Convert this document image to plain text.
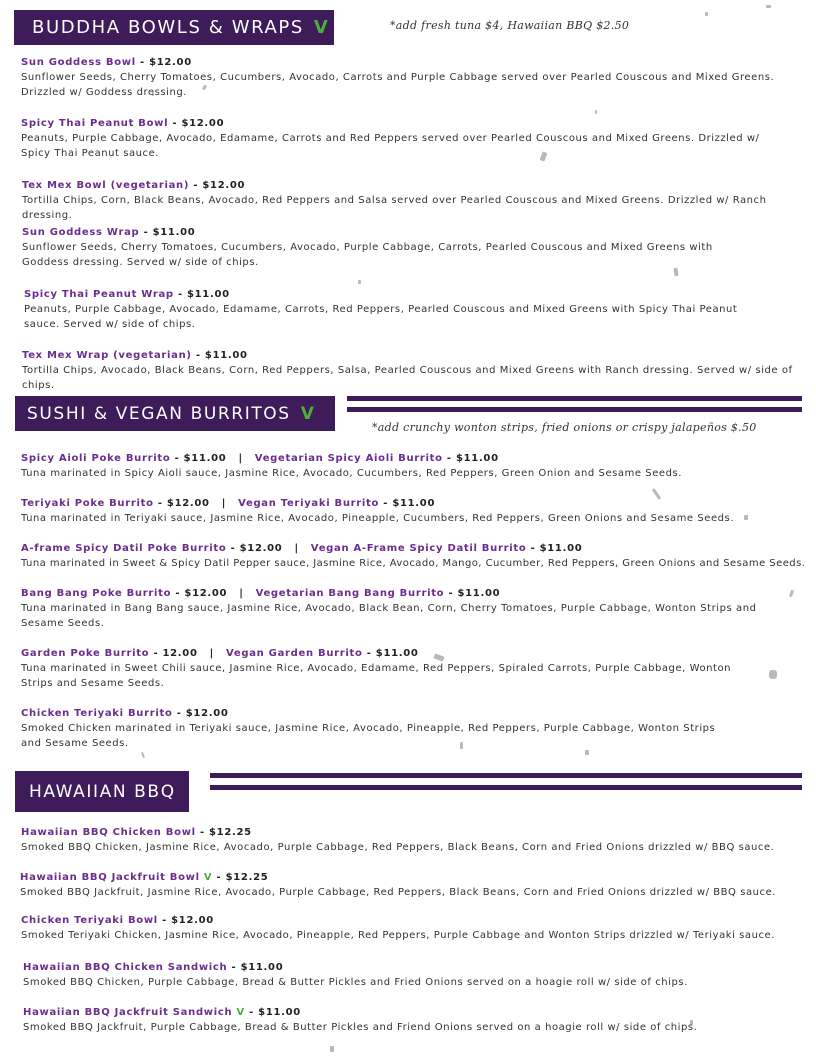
BUDDHA BOWLS & WRAPS V	*add fresh tuna $4, Hawaiian BBQ $2.50
Sun Goddess Bowl - $12.00
Sunflower Seeds, Cherry Tomatoes, Cucumbers, Avocado, Carrots and Purple Cabbage served over Pearled Couscous and Mixed Greens. Drizzled w/ Goddess dressing.
Spicy Thai Peanut Bowl - $12.00
Peanuts, Purple Cabbage, Avocado, Edamame, Carrots and Red Peppers served over Pearled Couscous and Mixed Greens. Drizzled w/ Spicy Thai Peanut sauce.
Tex Mex Bowl (vegetarian) - $12.00
Tortilla Chips, Corn, Black Beans, Avocado, Red Peppers and Salsa served over Pearled Couscous and Mixed Greens. Drizzled w/ Ranch dressing.
Sun Goddess Wrap - $11.00
Sunflower Seeds, Cherry Tomatoes, Cucumbers, Avocado, Purple Cabbage, Carrots, Pearled Couscous and Mixed Greens with Goddess dressing. Served w/ side of chips.
Spicy Thai Peanut Wrap - $11.00
Peanuts, Purple Cabbage, Avocado, Edamame, Carrots, Red Peppers, Pearled Couscous and Mixed Greens with Spicy Thai Peanut sauce. Served w/ side of chips.
Tex Mex Wrap (vegetarian) - $11.00
Tortilla Chips, Avocado, Black Beans, Corn, Red Peppers, Salsa, Pearled Couscous and Mixed Greens with Ranch dressing. Served w/ side of chips.
SUSHI & VEGAN BURRITOS V
*add crunchy wonton strips, fried onions or crispy jalapeños $.50
Spicy Aioli Poke Burrito - $11.00 | Vegetarian Spicy Aioli Burrito - $11.00
Tuna marinated in Spicy Aioli sauce, Jasmine Rice, Avocado, Cucumbers, Red Peppers, Green Onion and Sesame Seeds.
Teriyaki Poke Burrito - $12.00 | Vegan Teriyaki Burrito - $11.00
Tuna marinated in Teriyaki sauce, Jasmine Rice, Avocado, Pineapple, Cucumbers, Red Peppers, Green Onions and Sesame Seeds.
A-frame Spicy Datil Poke Burrito - $12.00 | Vegan A-Frame Spicy Datil Burrito - $11.00
Tuna marinated in Sweet & Spicy Datil Pepper sauce, Jasmine Rice, Avocado, Mango, Cucumber, Red Peppers, Green Onions and Sesame Seeds.
Bang Bang Poke Burrito - $12.00 | Vegetarian Bang Bang Burrito - $11.00
Tuna marinated in Bang Bang sauce, Jasmine Rice, Avocado, Black Bean, Corn, Cherry Tomatoes, Purple Cabbage, Wonton Strips and Sesame Seeds.
Garden Poke Burrito - 12.00 | Vegan Garden Burrito - $11.00
Tuna marinated in Sweet Chili sauce, Jasmine Rice, Avocado, Edamame, Red Peppers, Spiraled Carrots, Purple Cabbage, Wonton Strips and Sesame Seeds.
Chicken Teriyaki Burrito - $12.00
Smoked Chicken marinated in Teriyaki sauce, Jasmine Rice, Avocado, Pineapple, Red Peppers, Purple Cabbage, Wonton Strips and Sesame Seeds.
HAWAIIAN BBQ
Hawaiian BBQ Chicken Bowl - $12.25
Smoked BBQ Chicken, Jasmine Rice, Avocado, Purple Cabbage, Red Peppers, Black Beans, Corn and Fried Onions drizzled w/ BBQ sauce.
Hawaiian BBQ Jackfruit Bowl V - $12.25
Smoked BBQ Jackfruit, Jasmine Rice, Avocado, Purple Cabbage, Red Peppers, Black Beans, Corn and Fried Onions drizzled w/ BBQ sauce.
Chicken Teriyaki Bowl - $12.00
Smoked Teriyaki Chicken, Jasmine Rice, Avocado, Pineapple, Red Peppers, Purple Cabbage and Wonton Strips drizzled w/ Teriyaki sauce.
Hawaiian BBQ Chicken Sandwich - $11.00
Smoked BBQ Chicken, Purple Cabbage, Bread & Butter Pickles and Fried Onions served on a hoagie roll w/ side of chips.
Hawaiian BBQ Jackfruit Sandwich V - $11.00
Smoked BBQ Jackfruit, Purple Cabbage, Bread & Butter Pickles and Friend Onions served on a hoagie roll w/ side of chips.
